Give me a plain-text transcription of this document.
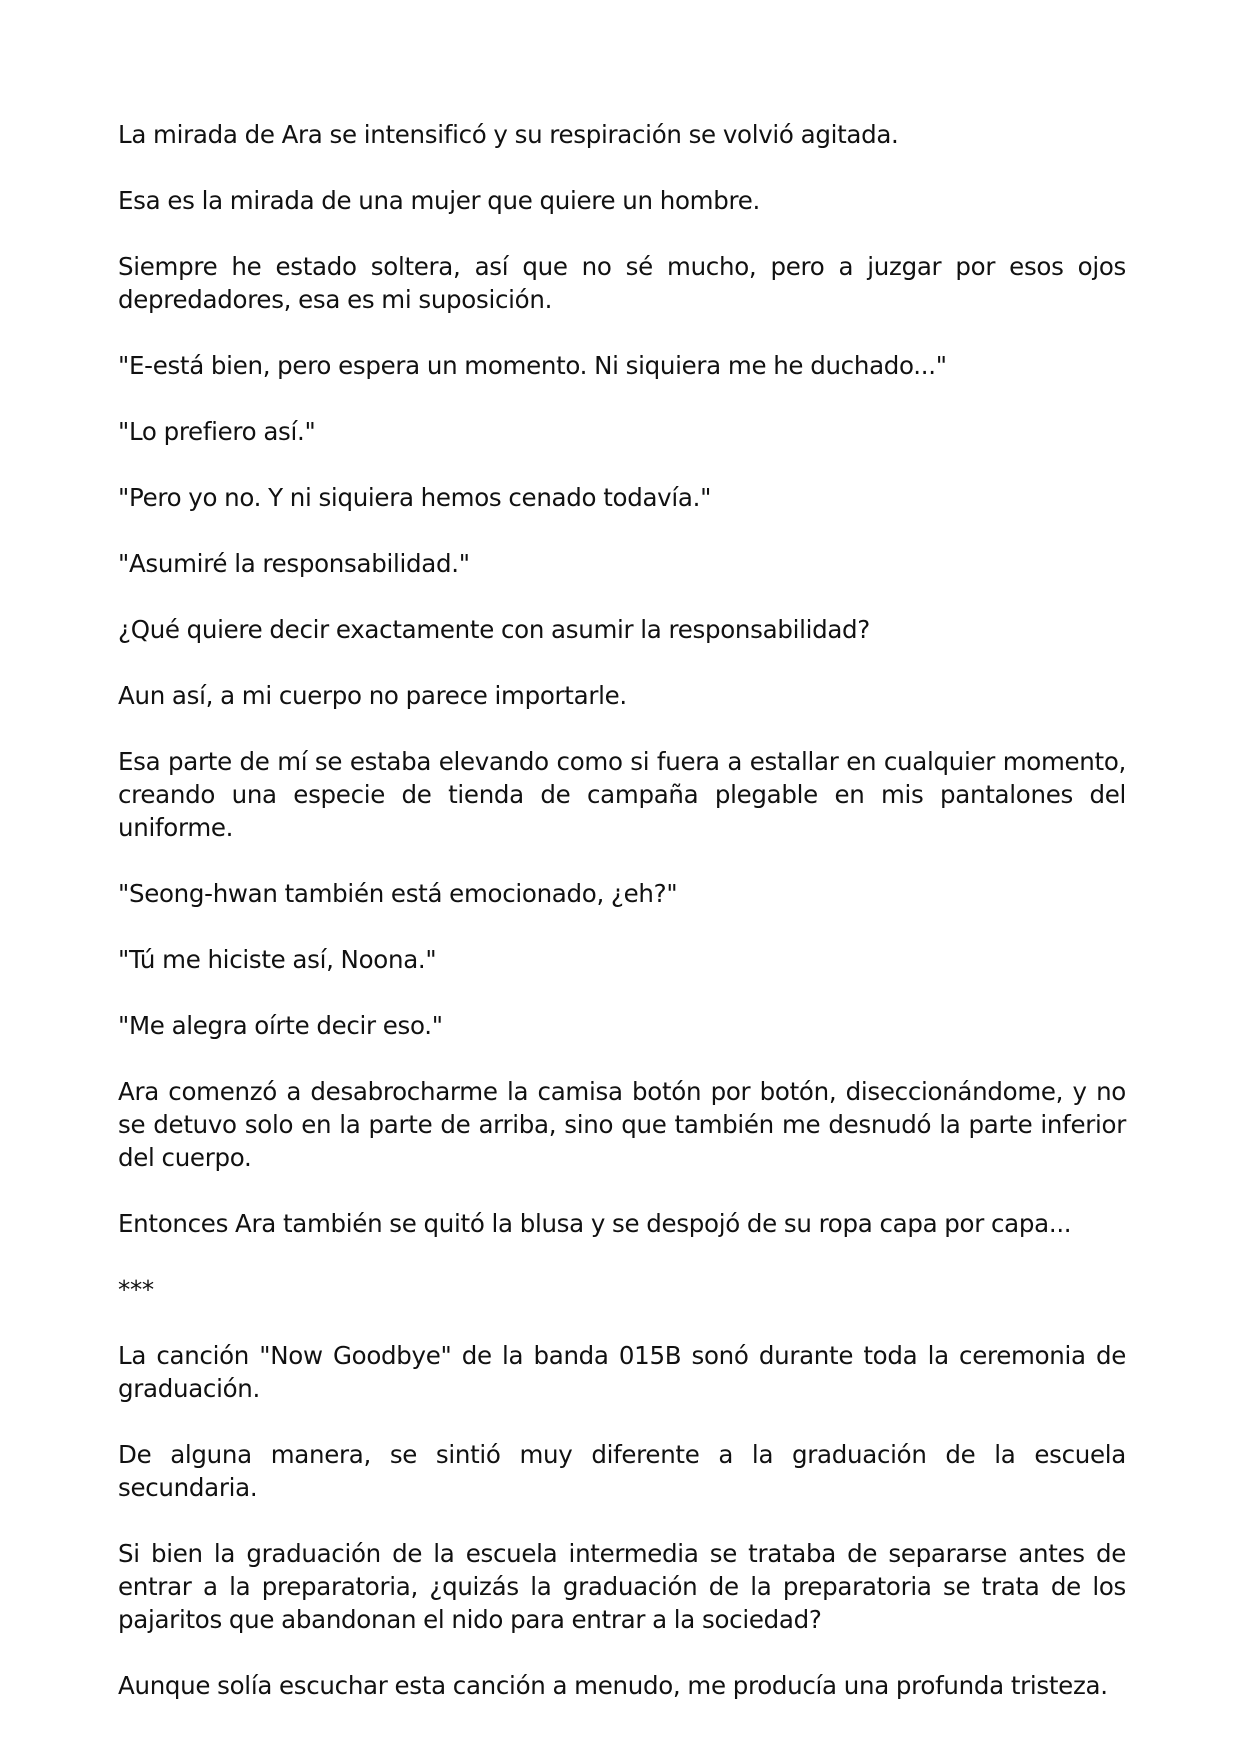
La mirada de Ara se intensificó y su respiración se volvió agitada.

Esa es la mirada de una mujer que quiere un hombre.

Siempre he estado soltera, así que no sé mucho, pero a juzgar por esos ojos depredadores, esa es mi suposición.

"E-está bien, pero espera un momento. Ni siquiera me he duchado..."

"Lo prefiero así."

"Pero yo no. Y ni siquiera hemos cenado todavía."

"Asumiré la responsabilidad."

¿Qué quiere decir exactamente con asumir la responsabilidad?

Aun así, a mi cuerpo no parece importarle.

Esa parte de mí se estaba elevando como si fuera a estallar en cualquier momento, creando una especie de tienda de campaña plegable en mis pantalones del uniforme.

"Seong-hwan también está emocionado, ¿eh?"

"Tú me hiciste así, Noona."

"Me alegra oírte decir eso."

Ara comenzó a desabrocharme la camisa botón por botón, diseccionándome, y no se detuvo solo en la parte de arriba, sino que también me desnudó la parte inferior del cuerpo.

Entonces Ara también se quitó la blusa y se despojó de su ropa capa por capa...

***

La canción "Now Goodbye" de la banda 015B sonó durante toda la ceremonia de graduación.

De alguna manera, se sintió muy diferente a la graduación de la escuela secundaria.

Si bien la graduación de la escuela intermedia se trataba de separarse antes de entrar a la preparatoria, ¿quizás la graduación de la preparatoria se trata de los pajaritos que abandonan el nido para entrar a la sociedad?

Aunque solía escuchar esta canción a menudo, me producía una profunda tristeza.
